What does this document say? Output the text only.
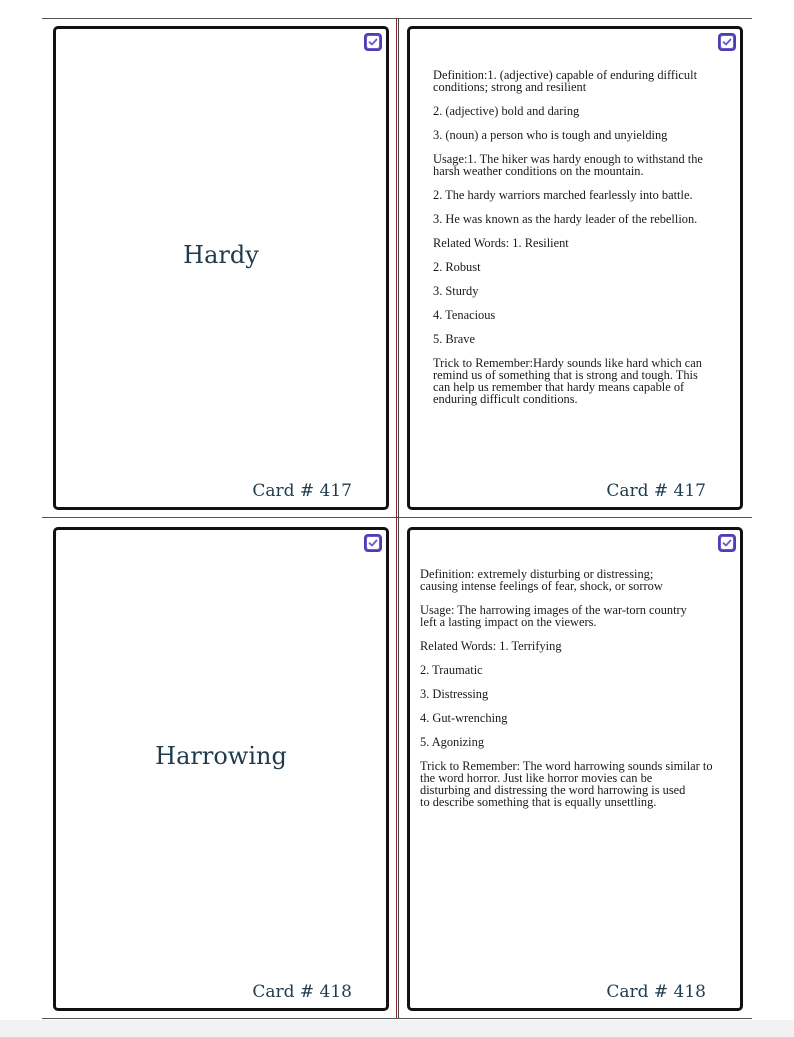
Hardy
Card # 417

Definition:1. (adjective) capable of enduring difficult
conditions; strong and resilient

2. (adjective) bold and daring

3. (noun) a person who is tough and unyielding

Usage:1. The hiker was hardy enough to withstand the
harsh weather conditions on the mountain.

2. The hardy warriors marched fearlessly into battle.

3. He was known as the hardy leader of the rebellion.

Related Words: 1. Resilient

2. Robust

3. Sturdy

4. Tenacious

5. Brave

Trick to Remember:Hardy sounds like hard which can
remind us of something that is strong and tough. This
can help us remember that hardy means capable of
enduring difficult conditions.

Card # 417
Harrowing
Card # 418

Definition: extremely disturbing or distressing;
causing intense feelings of fear, shock, or sorrow

Usage: The harrowing images of the war-torn country
left a lasting impact on the viewers.

Related Words: 1. Terrifying

2. Traumatic

3. Distressing

4. Gut-wrenching

5. Agonizing

Trick to Remember: The word harrowing sounds similar to
the word horror. Just like horror movies can be
disturbing and distressing the word harrowing is used
to describe something that is equally unsettling.

Card # 418
